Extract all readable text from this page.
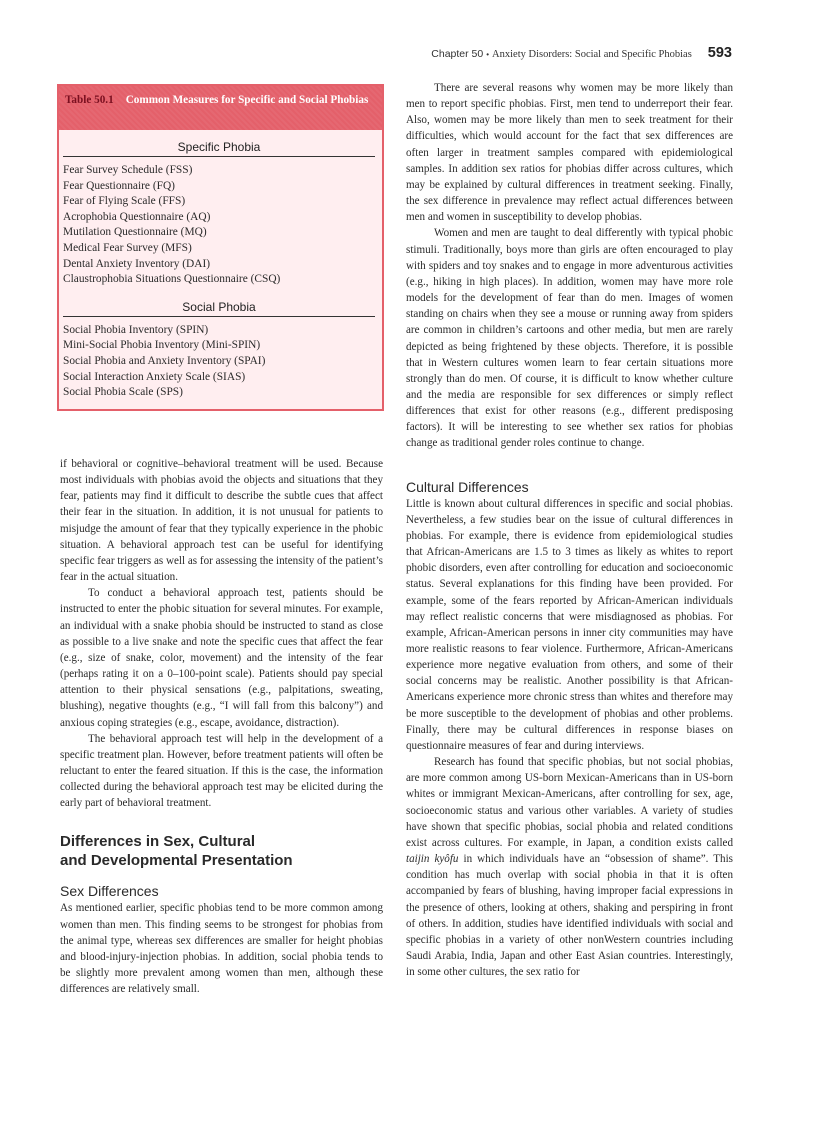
Chapter 50 • Anxiety Disorders: Social and Specific Phobias 593
Table 50.1 Common Measures for Specific and Social Phobias
Specific Phobia
Fear Survey Schedule (FSS)
Fear Questionnaire (FQ)
Fear of Flying Scale (FFS)
Acrophobia Questionnaire (AQ)
Mutilation Questionnaire (MQ)
Medical Fear Survey (MFS)
Dental Anxiety Inventory (DAI)
Claustrophobia Situations Questionnaire (CSQ)
Social Phobia
Social Phobia Inventory (SPIN)
Mini-Social Phobia Inventory (Mini-SPIN)
Social Phobia and Anxiety Inventory (SPAI)
Social Interaction Anxiety Scale (SIAS)
Social Phobia Scale (SPS)

if behavioral or cognitive–behavioral treatment will be used. Because most individuals with phobias avoid the objects and situations that they fear, patients may find it difficult to describe the subtle cues that affect their fear in the situation. In addition, it is not unusual for patients to misjudge the amount of fear that they typically experience in the phobic situation. A behavioral approach test can be useful for identifying specific fear triggers as well as for assessing the intensity of the patient’s fear in the actual situation.

To conduct a behavioral approach test, patients should be instructed to enter the phobic situation for several minutes. For example, an individual with a snake phobia should be instructed to stand as close as possible to a live snake and note the specific cues that affect the fear (e.g., size of snake, color, movement) and the intensity of the fear (perhaps rating it on a 0–100-point scale). Patients should pay special attention to their physical sensations (e.g., palpitations, sweating, blushing), negative thoughts (e.g., “I will fall from this balcony”) and anxious coping strategies (e.g., escape, avoidance, distraction).

The behavioral approach test will help in the development of a specific treatment plan. However, before treatment patients will often be reluctant to enter the feared situation. If this is the case, the information collected during the behavioral approach test may be elicited during the early part of behavioral treatment.

Differences in Sex, Cultural
and Developmental Presentation
Sex Differences

As mentioned earlier, specific phobias tend to be more common among women than men. This finding seems to be strongest for phobias from the animal type, whereas sex differences are smaller for height phobias and blood-injury-injection phobias. In addition, social phobia tends to be slightly more prevalent among women than men, although these differences are relatively small.

There are several reasons why women may be more likely than men to report specific phobias. First, men tend to underreport their fear. Also, women may be more likely than men to seek treatment for their difficulties, which would account for the fact that sex differences are often larger in treatment samples compared with epidemiological samples. In addition sex ratios for phobias differ across cultures, which may be explained by cultural differences in treatment seeking. Finally, the sex difference in prevalence may reflect actual differences between men and women in susceptibility to develop phobias.

Women and men are taught to deal differently with typical phobic stimuli. Traditionally, boys more than girls are often encouraged to play with spiders and toy snakes and to engage in more adventurous activities (e.g., hiking in high places). In addition, women may have more role models for the development of fear than do men. Images of women standing on chairs when they see a mouse or running away from spiders are common in children’s cartoons and other media, but men are rarely depicted as being frightened by these objects. Therefore, it is possible that in Western cultures women learn to fear certain situations more strongly than do men. Of course, it is difficult to know whether culture and the media are responsible for sex differences or simply reflect differences that exist for other reasons (e.g., different predisposing factors). It will be interesting to see whether sex ratios for phobias change as traditional gender roles continue to change.

Cultural Differences

Little is known about cultural differences in specific and social phobias. Nevertheless, a few studies bear on the issue of cultural differences in phobias. For example, there is evidence from epidemiological studies that African-Americans are 1.5 to 3 times as likely as whites to report phobic disorders, even after controlling for education and socioeconomic status. Several explanations for this finding have been provided. For example, some of the fears reported by African-American individuals may reflect realistic concerns that were misdiagnosed as phobias. For example, African-American persons in inner city communities may have more realistic reasons to fear violence. Furthermore, African-Americans experience more negative evaluation from others, and some of their social concerns may be realistic. Another possibility is that African-Americans experience more chronic stress than whites and therefore may be more susceptible to the development of phobias and other problems. Finally, there may be cultural differences in response biases on questionnaire measures of fear and during interviews.

Research has found that specific phobias, but not social phobias, are more common among US-born Mexican-Americans than in US-born whites or immigrant Mexican-Americans, after controlling for sex, age, socioeconomic status and various other variables. A variety of studies have shown that specific phobias, social phobia and related conditions exist across cultures. For example, in Japan, a condition exists called taijin kyôfu in which individuals have an “obsession of shame”. This condition has much overlap with social phobia in that it is often accompanied by fears of blushing, having improper facial expressions in the presence of others, looking at others, shaking and perspiring in front of others. In addition, studies have identified individuals with social and specific phobias in a variety of other nonWestern countries including Saudi Arabia, India, Japan and other East Asian countries. Interestingly, in some other cultures, the sex ratio for
